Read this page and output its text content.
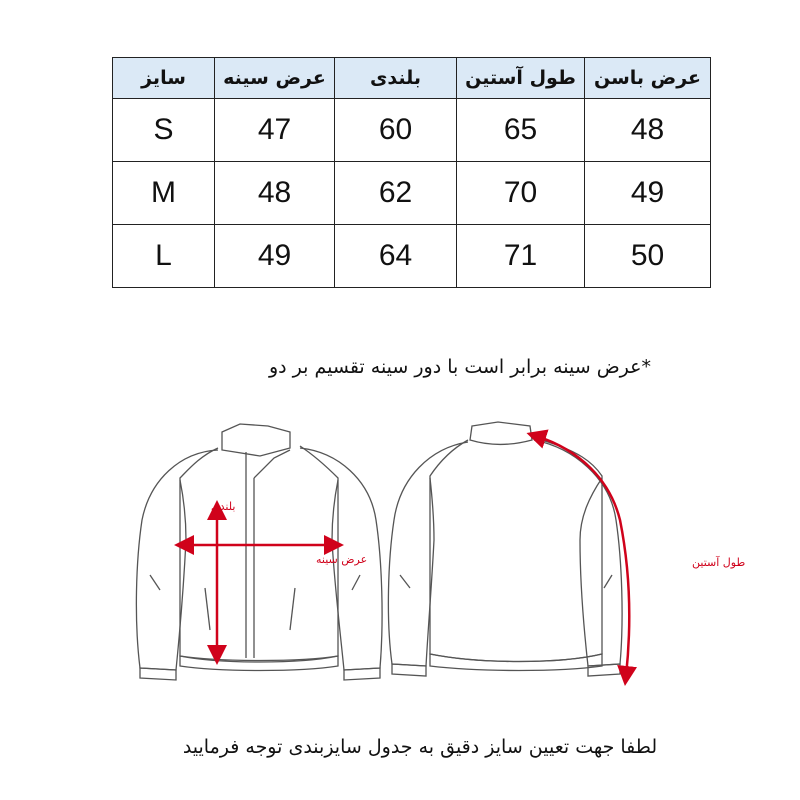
سایز	عرض سینه	بلندی	طول آستین	عرض باسن
S	47	60	65	48
M	48	62	70	49
L	49	64	71	50
*عرض سینه برابر است با دور سینه تقسیم بر دو
بلندی
عرض سینه	طول آستین
لطفا جهت تعیین سایز دقیق به جدول سایزبندی توجه فرمایید
